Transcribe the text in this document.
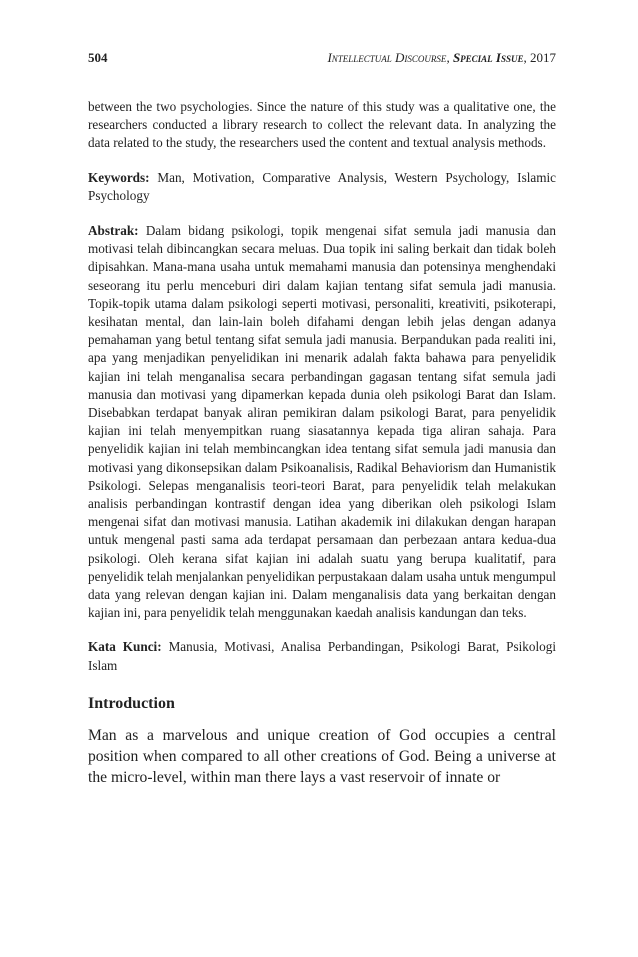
504	Intellectual Discourse, Special Issue, 2017

between the two psychologies. Since the nature of this study was a qualitative one, the researchers conducted a library research to collect the relevant data. In analyzing the data related to the study, the researchers used the content and textual analysis methods.

Keywords: Man, Motivation, Comparative Analysis, Western Psychology, Islamic Psychology

Abstrak: Dalam bidang psikologi, topik mengenai sifat semula jadi manusia dan motivasi telah dibincangkan secara meluas. Dua topik ini saling berkait dan tidak boleh dipisahkan. Mana-mana usaha untuk memahami manusia dan potensinya menghendaki seseorang itu perlu menceburi diri dalam kajian tentang sifat semula jadi manusia. Topik-topik utama dalam psikologi seperti motivasi, personaliti, kreativiti, psikoterapi, kesihatan mental, dan lain-lain boleh difahami dengan lebih jelas dengan adanya pemahaman yang betul tentang sifat semula jadi manusia. Berpandukan pada realiti ini, apa yang menjadikan penyelidikan ini menarik adalah fakta bahawa para penyelidik kajian ini telah menganalisa secara perbandingan gagasan tentang sifat semula jadi manusia dan motivasi yang dipamerkan kepada dunia oleh psikologi Barat dan Islam. Disebabkan terdapat banyak aliran pemikiran dalam psikologi Barat, para penyelidik kajian ini telah menyempitkan ruang siasatannya kepada tiga aliran sahaja. Para penyelidik kajian ini telah membincangkan idea tentang sifat semula jadi manusia dan motivasi yang dikonsepsikan dalam Psikoanalisis, Radikal Behaviorism dan Humanistik Psikologi. Selepas menganalisis teori-teori Barat, para penyelidik telah melakukan analisis perbandingan kontrastif dengan idea yang diberikan oleh psikologi Islam mengenai sifat dan motivasi manusia. Latihan akademik ini dilakukan dengan harapan untuk mengenal pasti sama ada terdapat persamaan dan perbezaan antara kedua-dua psikologi. Oleh kerana sifat kajian ini adalah suatu yang berupa kualitatif, para penyelidik telah menjalankan penyelidikan perpustakaan dalam usaha untuk mengumpul data yang relevan dengan kajian ini. Dalam menganalisis data yang berkaitan dengan kajian ini, para penyelidik telah menggunakan kaedah analisis kandungan dan teks.

Kata Kunci: Manusia, Motivasi, Analisa Perbandingan, Psikologi Barat, Psikologi Islam

Introduction

Man as a marvelous and unique creation of God occupies a central position when compared to all other creations of God. Being a universe at the micro-level, within man there lays a vast reservoir of innate or
